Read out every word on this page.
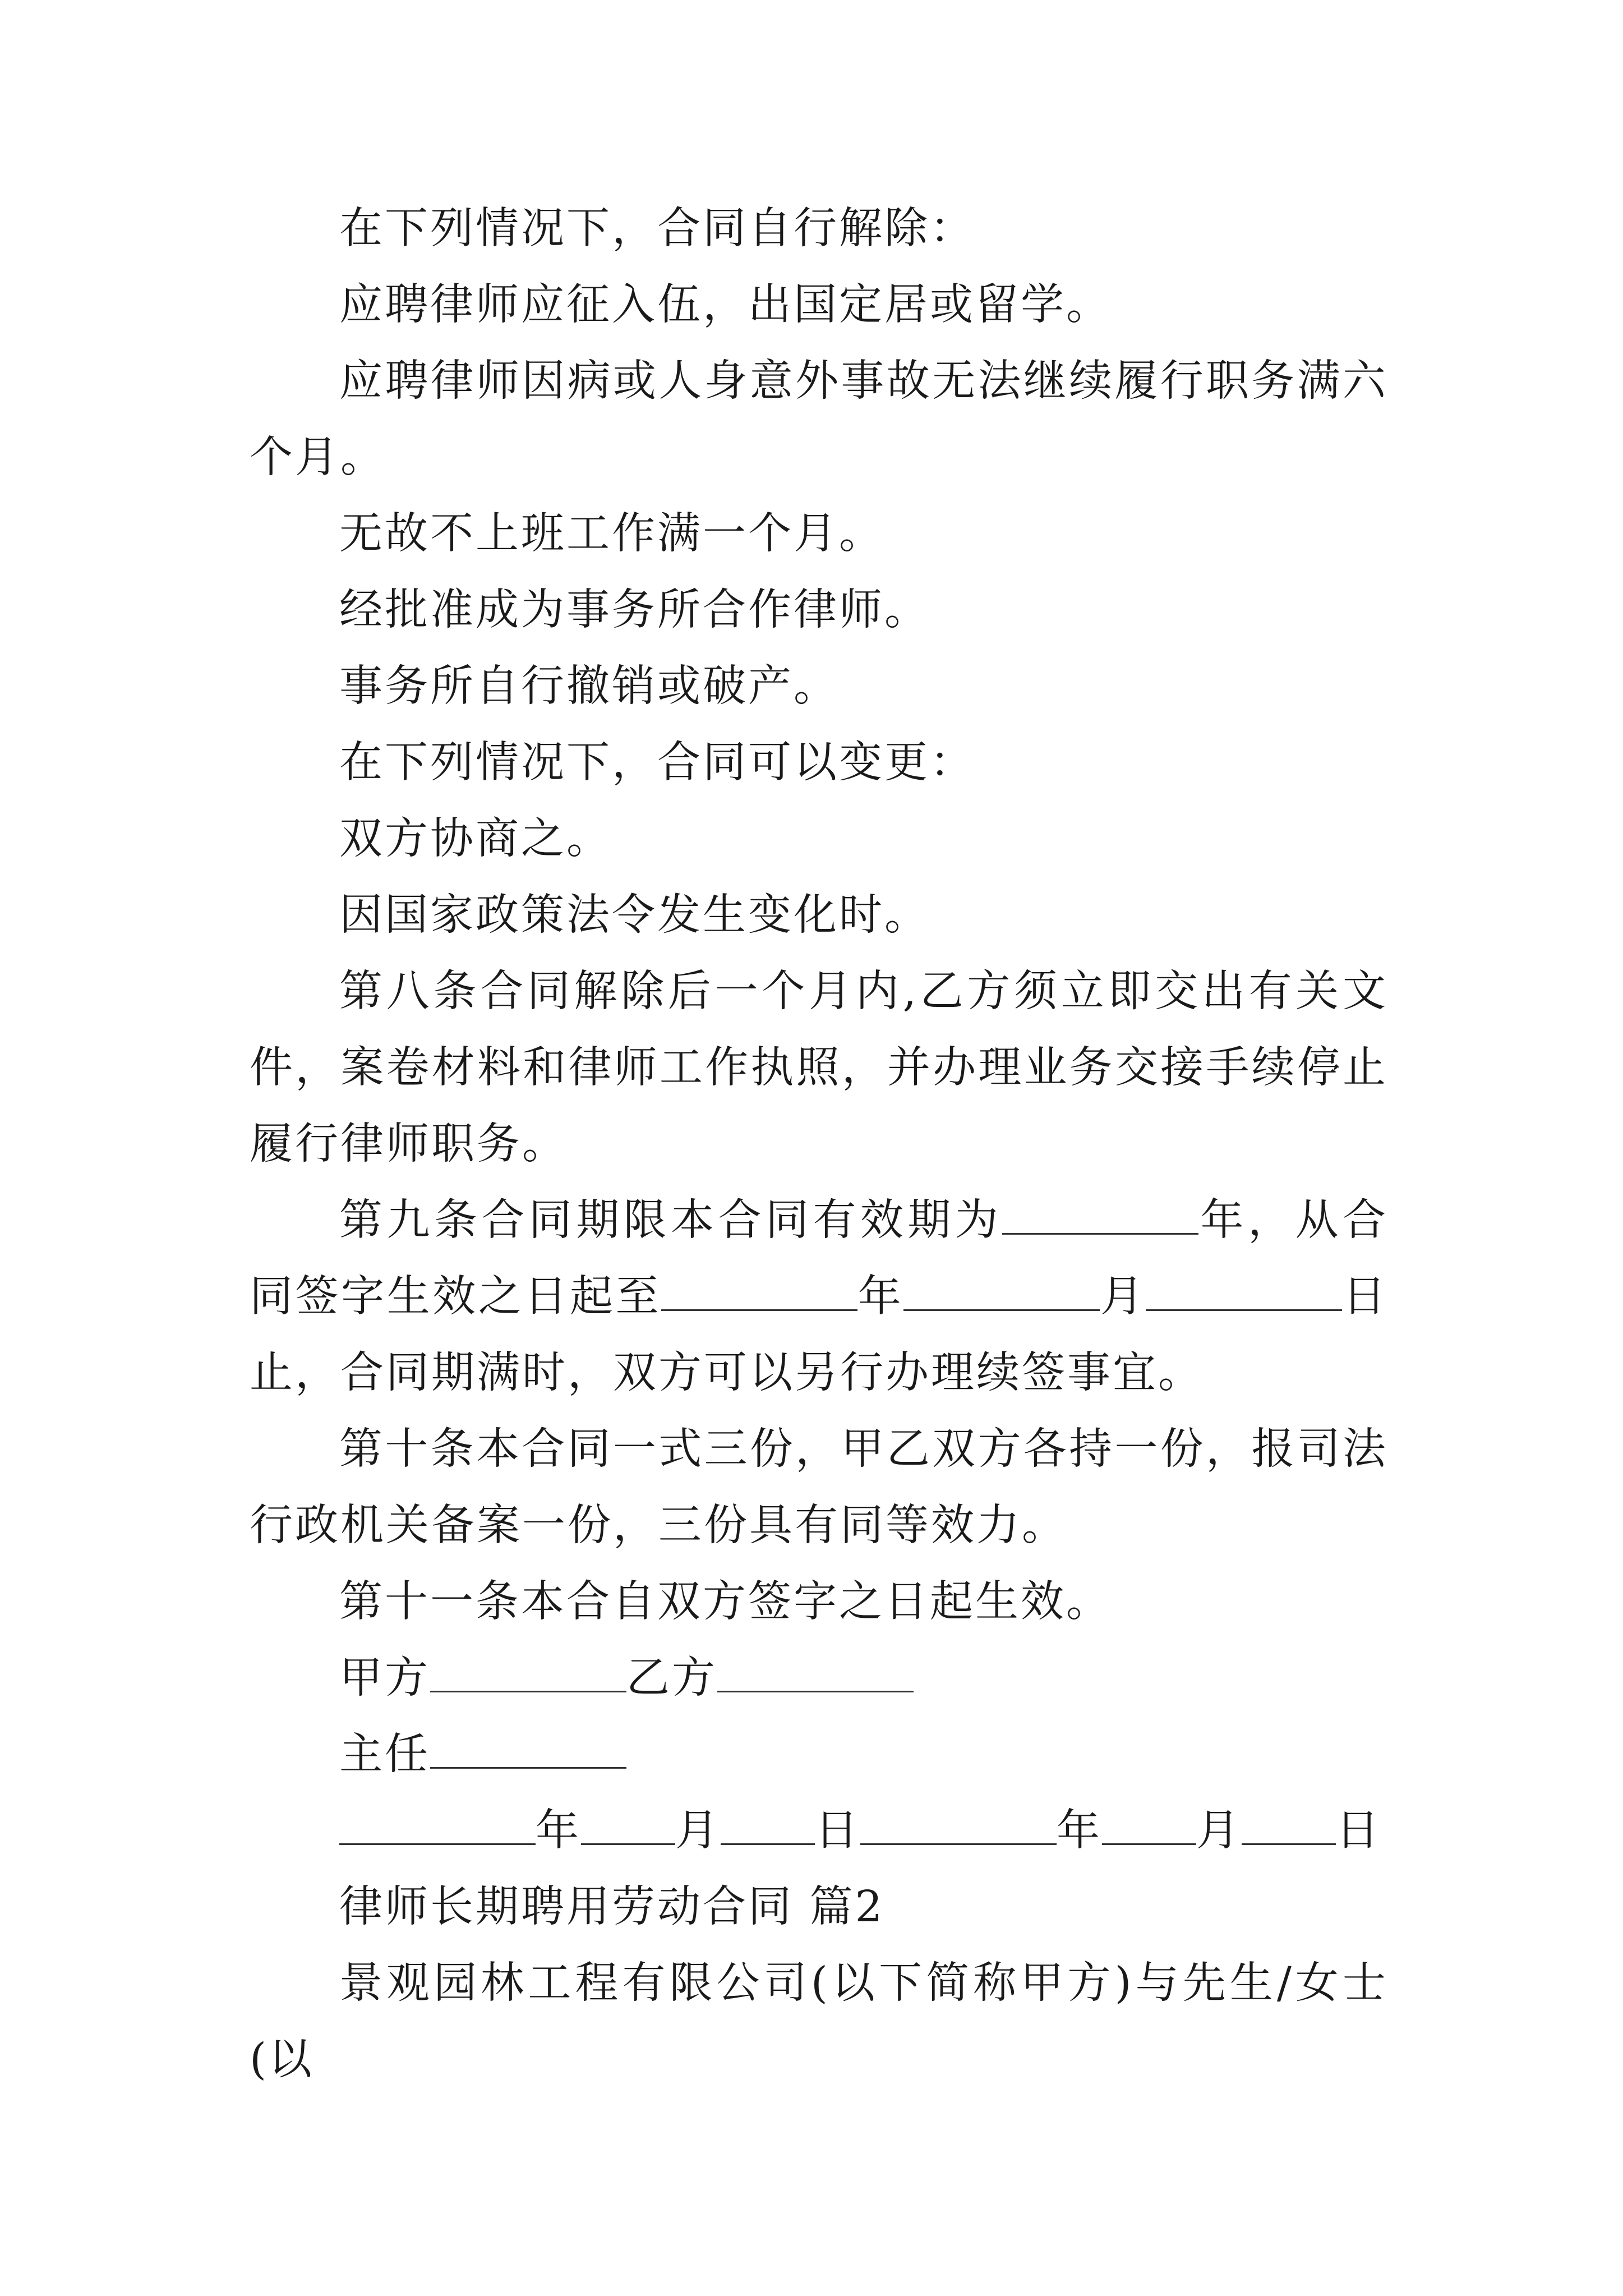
在下列情况下，合同自行解除：

应聘律师应征入伍，出国定居或留学。

应聘律师因病或人身意外事故无法继续履行职务满六个月。

无故不上班工作满一个月。

经批准成为事务所合作律师。

事务所自行撤销或破产。

在下列情况下，合同可以变更：

双方协商之。

因国家政策法令发生变化时。

第八条合同解除后一个月内,乙方须立即交出有关文件，案卷材料和律师工作执照，并办理业务交接手续停止履行律师职务。

第九条合同期限本合同有效期为	年，从合同签字生效之日起至	年	月	日止，合同期满时，双方可以另行办理续签事宜。

第十条本合同一式三份，甲乙双方各持一份，报司法行政机关备案一份，三份具有同等效力。

第十一条本合自双方签字之日起生效。

甲方	乙方

主任

年 月 日	年 月 日

律师长期聘用劳动合同 篇2

景观园林工程有限公司(以下简称甲方)与先生/女士(以
